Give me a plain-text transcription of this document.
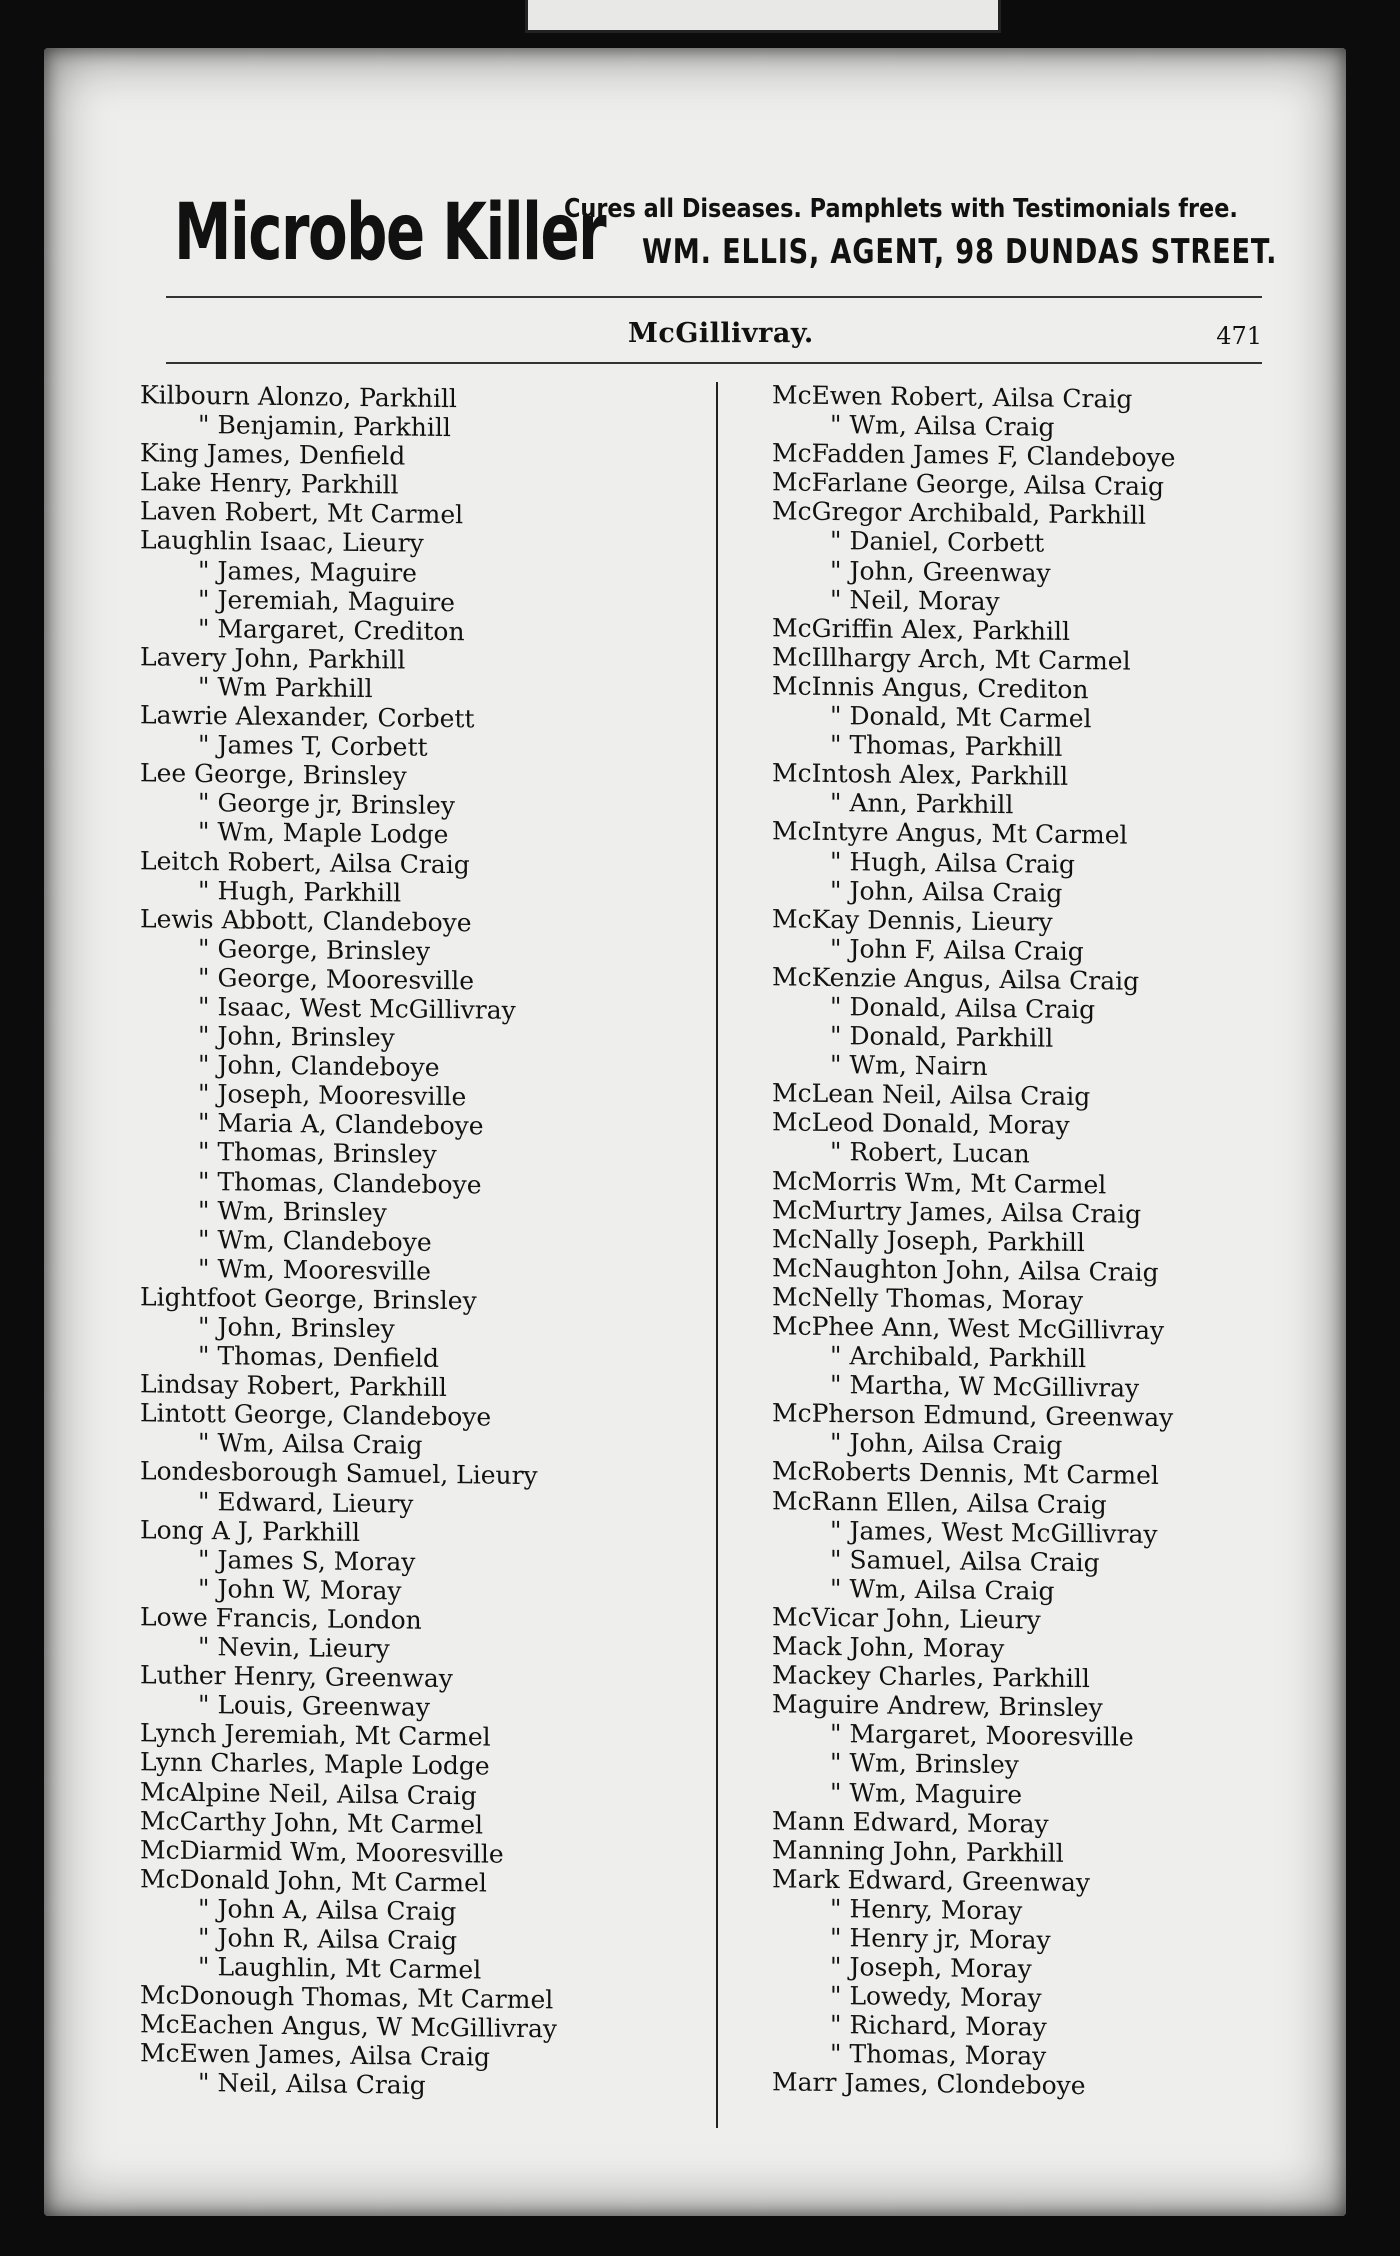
Microbe Killer
Cures all Diseases. Pamphlets with Testimonials free.
WM. ELLIS, AGENT, 98 DUNDAS STREET.
McGillivray.	471
Kilbourn Alonzo, Parkhill
" Benjamin, Parkhill
King James, Denfield
Lake Henry, Parkhill
Laven Robert, Mt Carmel
Laughlin Isaac, Lieury
" James, Maguire
" Jeremiah, Maguire
" Margaret, Crediton
Lavery John, Parkhill
" Wm Parkhill
Lawrie Alexander, Corbett
" James T, Corbett
Lee George, Brinsley
" George jr, Brinsley
" Wm, Maple Lodge
Leitch Robert, Ailsa Craig
" Hugh, Parkhill
Lewis Abbott, Clandeboye
" George, Brinsley
" George, Mooresville
" Isaac, West McGillivray
" John, Brinsley
" John, Clandeboye
" Joseph, Mooresville
" Maria A, Clandeboye
" Thomas, Brinsley
" Thomas, Clandeboye
" Wm, Brinsley
" Wm, Clandeboye
" Wm, Mooresville
Lightfoot George, Brinsley
" John, Brinsley
" Thomas, Denfield
Lindsay Robert, Parkhill
Lintott George, Clandeboye
" Wm, Ailsa Craig
Londesborough Samuel, Lieury
" Edward, Lieury
Long A J, Parkhill
" James S, Moray
" John W, Moray
Lowe Francis, London
" Nevin, Lieury
Luther Henry, Greenway
" Louis, Greenway
Lynch Jeremiah, Mt Carmel
Lynn Charles, Maple Lodge
McAlpine Neil, Ailsa Craig
McCarthy John, Mt Carmel
McDiarmid Wm, Mooresville
McDonald John, Mt Carmel
" John A, Ailsa Craig
" John R, Ailsa Craig
" Laughlin, Mt Carmel
McDonough Thomas, Mt Carmel
McEachen Angus, W McGillivray
McEwen James, Ailsa Craig
" Neil, Ailsa Craig
McEwen Robert, Ailsa Craig
" Wm, Ailsa Craig
McFadden James F, Clandeboye
McFarlane George, Ailsa Craig
McGregor Archibald, Parkhill
" Daniel, Corbett
" John, Greenway
" Neil, Moray
McGriffin Alex, Parkhill
McIllhargy Arch, Mt Carmel
McInnis Angus, Crediton
" Donald, Mt Carmel
" Thomas, Parkhill
McIntosh Alex, Parkhill
" Ann, Parkhill
McIntyre Angus, Mt Carmel
" Hugh, Ailsa Craig
" John, Ailsa Craig
McKay Dennis, Lieury
" John F, Ailsa Craig
McKenzie Angus, Ailsa Craig
" Donald, Ailsa Craig
" Donald, Parkhill
" Wm, Nairn
McLean Neil, Ailsa Craig
McLeod Donald, Moray
" Robert, Lucan
McMorris Wm, Mt Carmel
McMurtry James, Ailsa Craig
McNally Joseph, Parkhill
McNaughton John, Ailsa Craig
McNelly Thomas, Moray
McPhee Ann, West McGillivray
" Archibald, Parkhill
" Martha, W McGillivray
McPherson Edmund, Greenway
" John, Ailsa Craig
McRoberts Dennis, Mt Carmel
McRann Ellen, Ailsa Craig
" James, West McGillivray
" Samuel, Ailsa Craig
" Wm, Ailsa Craig
McVicar John, Lieury
Mack John, Moray
Mackey Charles, Parkhill
Maguire Andrew, Brinsley
" Margaret, Mooresville
" Wm, Brinsley
" Wm, Maguire
Mann Edward, Moray
Manning John, Parkhill
Mark Edward, Greenway
" Henry, Moray
" Henry jr, Moray
" Joseph, Moray
" Lowedy, Moray
" Richard, Moray
" Thomas, Moray
Marr James, Clondeboye
